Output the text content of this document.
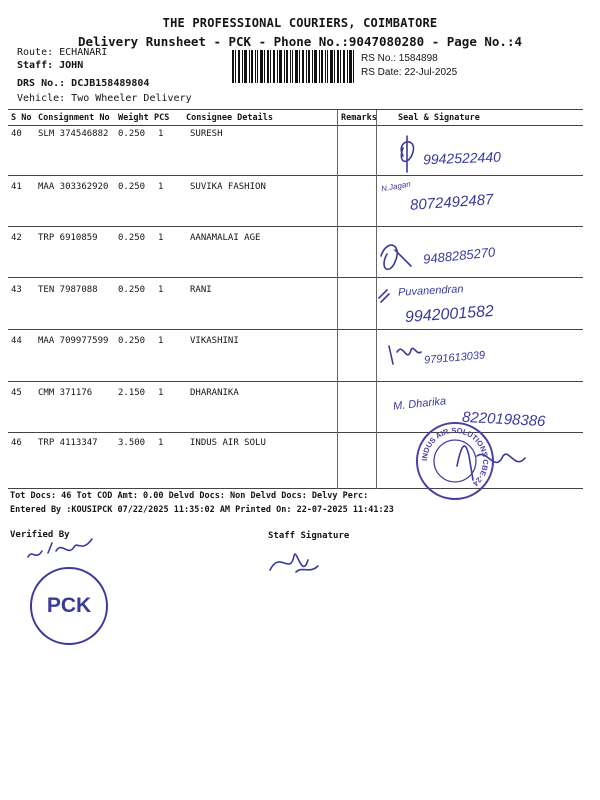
THE PROFESSIONAL COURIERS, COIMBATORE
Delivery Runsheet - PCK - Phone No.:9047080280 - Page No.:4
Route: ECHANARI
Staff: JOHN
DRS No.: DCJB158489804
Vehicle: Two Wheeler Delivery
RS No.: 1584898
RS Date: 22-Jul-2025
S No Consignment No Weight PCS Consignee Details	Remarks Seal & Signature
40 SLM 374546882 0.250 1	SURESH
41 MAA 303362920 0.250 1	SUVIKA FASHION
42 TRP 6910859 0.250 1	AANAMALAI AGE
43 TEN 7987088 0.250 1	RANI
44 MAA 709977599 0.250 1	VIKASHINI
45 CMM 371176	2.150 1	DHARANIKA
46 TRP 4113347 3.500 1	INDUS AIR SOLU
9942522440
N.Jagan
8072492487
9488285270
Puvanendran
9942001582
9791613039
M. Dharika
8220198386
INDUS AIR SOLUTIONS CBE-24
Tot Docs: 46 Tot COD Amt: 0.00 Delvd Docs: Non Delvd Docs: Delvy Perc:
Entered By :KOUSIPCK 07/22/2025 11:35:02 AM Printed On: 22-07-2025 11:41:23
Verified By	Staff Signature
PCK
